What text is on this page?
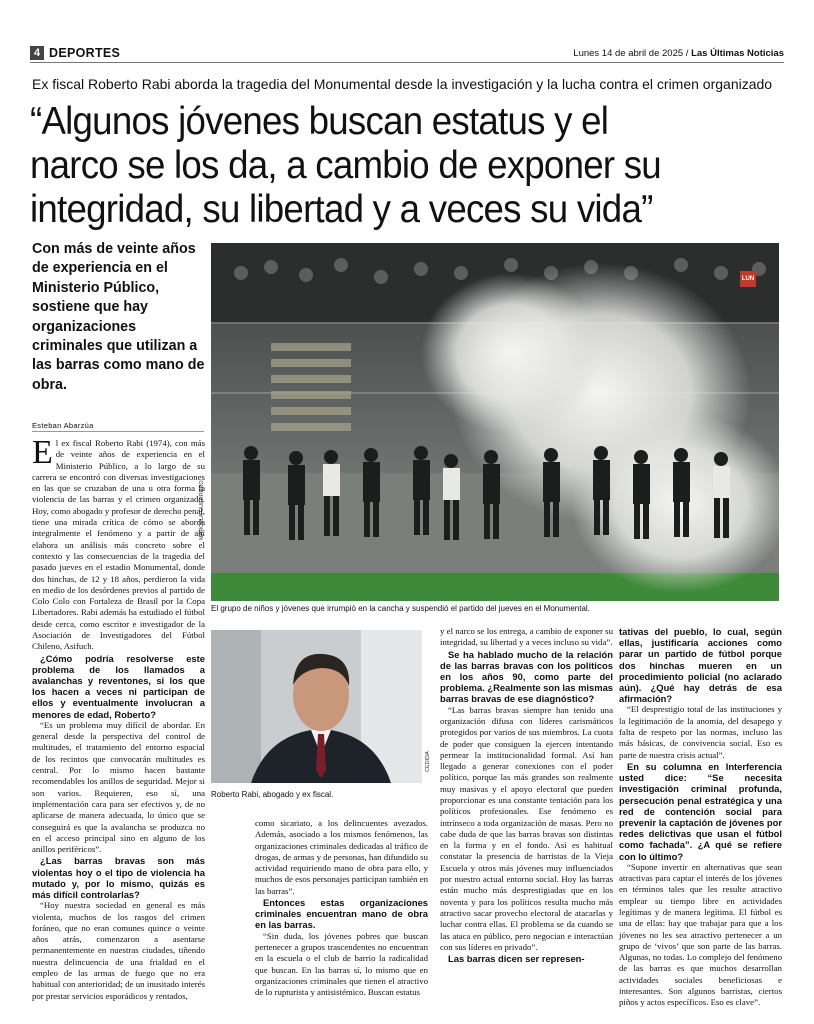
4 DEPORTES	Lunes 14 de abril de 2025 / Las Últimas Noticias
Ex fiscal Roberto Rabi aborda la tragedia del Monumental desde la investigación y la lucha contra el crimen organizado
“Algunos jóvenes buscan estatus y el
narco se los da, a cambio de exponer su
integridad, su libertad y a veces su vida”
Con más de veinte años de experiencia en el Ministerio Público, sostiene que hay organizaciones criminales que utilizan a las barras como mano de obra.
LUN
MARCELA GUERRERO
El grupo de niños y jóvenes que irrumpió en la cancha y suspendió el partido del jueves en el Monumental.
Esteban Abarzúa

El ex fiscal Roberto Rabi (1974), con más de veinte años de experiencia en el Ministerio Público, a lo largo de su carrera se encontró con diversas investigaciones en las que se cruzaban de una u otra forma la violencia de las barras y el crimen organizado. Hoy, como abogado y profesor de derecho penal, tiene una mirada crítica de cómo se aborda integralmente el fenómeno y a partir de ahí elabora un análisis más concreto sobre el contexto y las consecuencias de la tragedia del pasado jueves en el estadio Monumental, donde dos hinchas, de 12 y 18 años, perdieron la vida en medio de los desórdenes previos al partido de Colo Colo con Fortaleza de Brasil por la Copa Libertadores. Rabi además ha estudiado el fútbol desde cerca, como escritor e investigador de la Asociación de Investigadores del Fútbol Chileno, Asifuch.

¿Cómo podría resolverse este problema de los llamados a avalanchas y reventones, si los que los hacen a veces ni participan de ellos y eventualmente involucran a menores de edad, Roberto?

“Es un problema muy difícil de abordar. En general desde la perspectiva del control de multitudes, el tratamiento del entorno espacial de los recintos que convocarán multitudes es central. Por lo mismo hacen bastante recomendables los anillos de seguridad. Mejor si son varios. Requieren, eso sí, una implementación cara para ser efectivos y, de no aplicarse de manera adecuada, lo único que se conseguirá es que la avalancha se produzca no en el acceso principal sino en alguno de los anillos periféricos”.

¿Las barras bravas son más violentas hoy o el tipo de violencia ha mutado y, por lo mismo, quizás es más difícil controlarlas?

“Hoy nuestra sociedad en general es más violenta, muchos de los rasgos del crimen foráneo, que no eran comunes quince o veinte años atrás, comenzaron a asentarse permanentemente en nuestras ciudades, tiñendo nuestra delincuencia de una frialdad en el empleo de las armas de fuego que no era habitual con anterioridad; de un inusitado interés por prestar servicios esporádicos y rentados,

CEDIDA
Roberto Rabi, abogado y ex fiscal.

como sicariato, a los delincuentes avezados. Además, asociado a los mismos fenómenos, las organizaciones criminales dedicadas al tráfico de drogas, de armas y de personas, han difundido su actividad requiriendo mano de obra para ello, y muchos de esos personajes participan también en las barras”.

Entonces estas organizaciones criminales encuentran mano de obra en las barras.

“Sin duda, los jóvenes pobres que buscan pertenecer a grupos trascendentes no encuentran en la escuela o el club de barrio la radicalidad que buscan. En las barras sí, lo mismo que en organizaciones criminales que tienen el atractivo de lo rupturista y antisistémico. Buscan estatus

y el narco se los entrega, a cambio de exponer su integridad, su libertad y a veces incluso su vida”.

Se ha hablado mucho de la relación de las barras bravas con los políticos en los años 90, como parte del problema. ¿Realmente son las mismas barras bravas de ese diagnóstico?

“Las barras bravas siempre han tenido una organización difusa con líderes carismáticos protegidos por varios de sus miembros. La cuota de poder que consiguen la ejercen intentando permear la institucionalidad formal. Así han llegado a generar conexiones con el poder político, porque las más grandes son realmente muy masivas y el apoyo electoral que pueden proporcionar es una constante tentación para los políticos profesionales. Ese fenómeno es intrínseco a toda organización de masas. Pero no cabe duda de que las barras bravas son distintas en la forma y en el fondo. Así es habitual constatar la presencia de barristas de la Vieja Escuela y otros más jóvenes muy influenciados por nuestro actual entorno social. Hoy las barras están mucho más desprestigiadas que en los noventa y para los políticos resulta mucho más atractivo sacar provecho electoral de atacarlas y luchar contra ellas. El problema se da cuando se las ataca en público, pero negocian e interactúan con sus líderes en privado”.

Las barras dicen ser represen-

tativas del pueblo, lo cual, según ellas, justificaría acciones como parar un partido de fútbol porque dos hinchas mueren en un procedimiento policial (no aclarado aún). ¿Qué hay detrás de esa afirmación?

“El desprestigio total de las instituciones y la legitimación de la anomia, del desapego y falta de respeto por las normas, incluso las más básicas, de convivencia social. Eso es parte de nuestra crisis actual”.

En su columna en Interferencia usted dice: “Se necesita investigación criminal profunda, persecución penal estratégica y una red de contención social para prevenir la captación de jóvenes por redes delictivas que usan el fútbol como fachada”. ¿A qué se refiere con lo último?

“Supone invertir en alternativas que sean atractivas para captar el interés de los jóvenes en términos tales que les resulte atractivo emplear su tiempo libre en actividades legítimas y de manera legítima. El fútbol es una de ellas: hay que trabajar para que a los jóvenes no les sea atractivo pertenecer a un grupo de ‘vivos’ que son parte de las barras. Algunas, no todas. Lo complejo del fenómeno de las barras es que muchos desarrollan actividades sociales beneficiosas e interesantes. Son algunos barristas, ciertos piños y actos específicos. Eso es clave”.
